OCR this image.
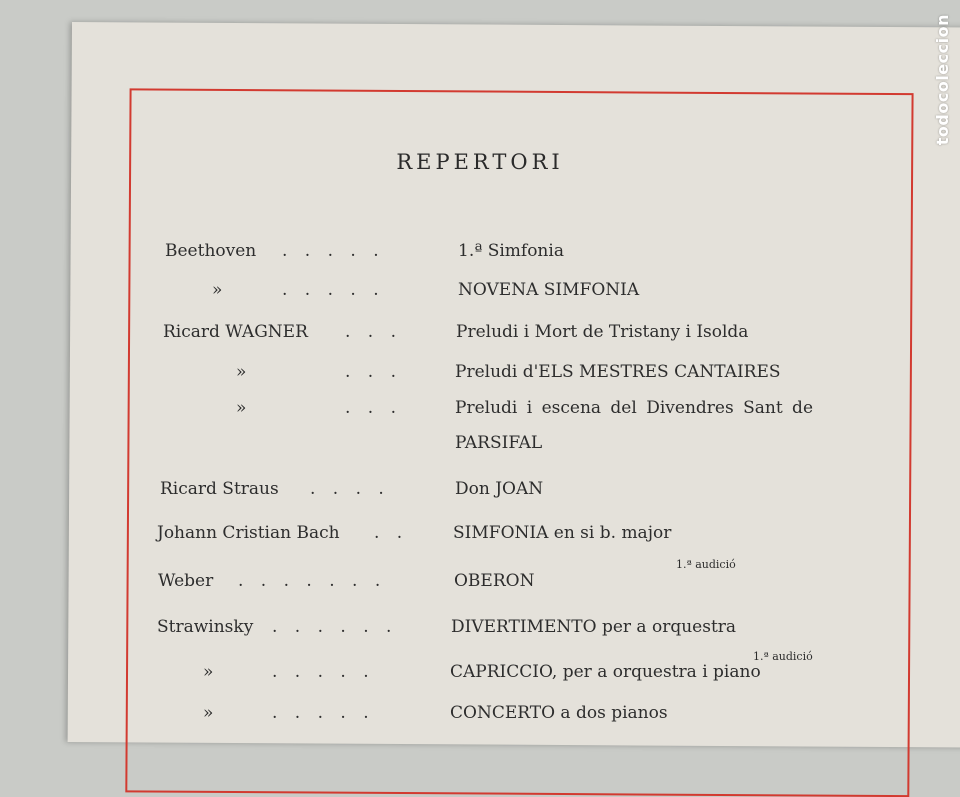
todocoleccion
REPERTORI
Beethoven . . . . .	1.ª Simfonia
»	. . . . .	NOVENA SIMFONIA
Ricard WAGNER . . .	Preludi i Mort de Tristany i Isolda
»	. . .	Preludi d'ELS MESTRES CANTAIRES
»	. . .	Preludi i escena del Divendres Sant de
PARSIFAL
Ricard Straus . . . .	Don JOAN
Johann Cristian Bach . .	SIMFONIA en si b. major
1.ª audició
Weber . . . . . . .	OBERON
Strawinsky . . . . . .	DIVERTIMENTO per a orquestra
1.ª audició
»	. . . . .	CAPRICCIO, per a orquestra i piano
»	. . . . .	CONCERTO a dos pianos
